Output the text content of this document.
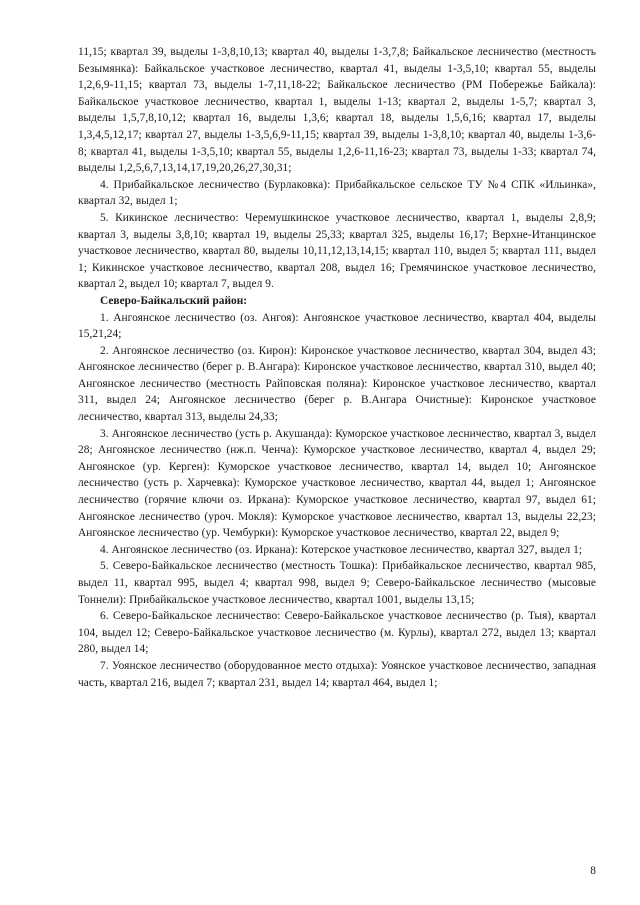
11,15; квартал 39, выделы 1-3,8,10,13; квартал 40, выделы 1-3,7,8; Байкальское лесничество (местность Безымянка): Байкальское участковое лесничество, квартал 41, выделы 1-3,5,10; квартал 55, выделы 1,2,6,9-11,15; квартал 73, выделы 1-7,11,18-22; Байкальское лесничество (РМ Побережье Байкала): Байкальское участковое лесничество, квартал 1, выделы 1-13; квартал 2, выделы 1-5,7; квартал 3, выделы 1,5,7,8,10,12; квартал 16, выделы 1,3,6; квартал 18, выделы 1,5,6,16; квартал 17, выделы 1,3,4,5,12,17; квартал 27, выделы 1-3,5,6,9-11,15; квартал 39, выделы 1-3,8,10; квартал 40, выделы 1-3,6-8; квартал 41, выделы 1-3,5,10; квартал 55, выделы 1,2,6-11,16-23; квартал 73, выделы 1-33; квартал 74, выделы 1,2,5,6,7,13,14,17,19,20,26,27,30,31;

4. Прибайкальское лесничество (Бурлаковка): Прибайкальское сельское ТУ №4 СПК «Ильинка», квартал 32, выдел 1;

5. Кикинское лесничество: Черемушкинское участковое лесничество, квартал 1, выделы 2,8,9; квартал 3, выделы 3,8,10; квартал 19, выделы 25,33; квартал 325, выделы 16,17; Верхне-Итанцинское участковое лесничество, квартал 80, выделы 10,11,12,13,14,15; квартал 110, выдел 5; квартал 111, выдел 1; Кикинское участковое лесничество, квартал 208, выдел 16; Гремячинское участковое лесничество, квартал 2, выдел 10; квартал 7, выдел 9.

Северо-Байкальский район:

1. Ангоянское лесничество (оз. Ангоя): Ангоянское участковое лесничество, квартал 404, выделы 15,21,24;

2. Ангоянское лесничество (оз. Кирон): Киронское участковое лесничество, квартал 304, выдел 43; Ангоянское лесничество (берег р. В.Ангара): Киронское участковое лесничество, квартал 310, выдел 40; Ангоянское лесничество (местность Райповская поляна): Киронское участковое лесничество, квартал 311, выдел 24; Ангоянское лесничество (берег р. В.Ангара Очистные): Киронское участковое лесничество, квартал 313, выделы 24,33;

3. Ангоянское лесничество (усть р. Акушанда): Куморское участковое лесничество, квартал 3, выдел 28; Ангоянское лесничество (нж.п. Ченча): Куморское участковое лесничество, квартал 4, выдел 29; Ангоянское (ур. Керген): Куморское участковое лесничество, квартал 14, выдел 10; Ангоянское лесничество (усть р. Харчевка): Куморское участковое лесничество, квартал 44, выдел 1; Ангоянское лесничество (горячие ключи оз. Иркана): Куморское участковое лесничество, квартал 97, выдел 61; Ангоянское лесничество (уроч. Мокля): Куморское участковое лесничество, квартал 13, выделы 22,23; Ангоянское лесничество (ур. Чембурки): Куморское участковое лесничество, квартал 22, выдел 9;

4. Ангоянское лесничество (оз. Иркана): Котерское участковое лесничество, квартал 327, выдел 1;

5. Северо-Байкальское лесничество (местность Тошка): Прибайкальское лесничество, квартал 985, выдел 11, квартал 995, выдел 4; квартал 998, выдел 9; Северо-Байкальское лесничество (мысовые Тоннели): Прибайкальское участковое лесничество, квартал 1001, выделы 13,15;

6. Северо-Байкальское лесничество: Северо-Байкальское участковое лесничество (р. Тыя), квартал 104, выдел 12; Северо-Байкальское участковое лесничество (м. Курлы), квартал 272, выдел 13; квартал 280, выдел 14;

7. Уоянское лесничество (оборудованное место отдыха): Уоянское участковое лесничество, западная часть, квартал 216, выдел 7; квартал 231, выдел 14; квартал 464, выдел 1;

8
